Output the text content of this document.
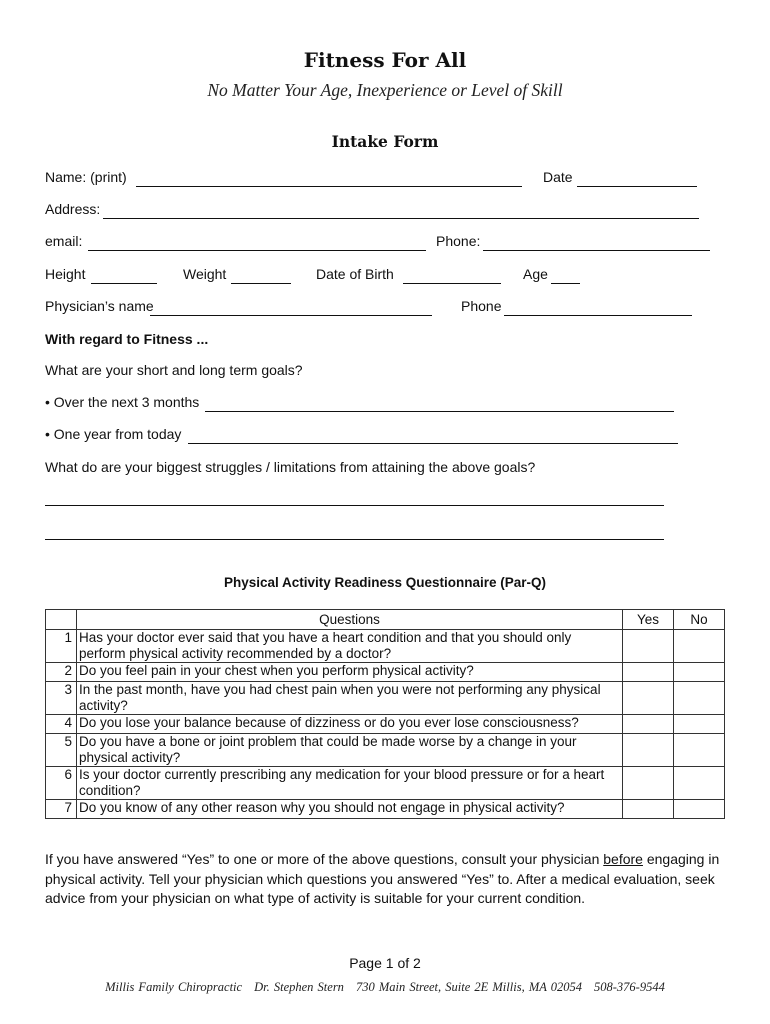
Fitness For All
No Matter Your Age, Inexperience or Level of Skill
Intake Form
Name: (print)	Date
Address:
email:	Phone:
Height	Weight	Date of Birth	Age
Physician’s name	Phone
With regard to Fitness ...
What are your short and long term goals?
• Over the next 3 months
• One year from today
What do are your biggest struggles / limitations from attaining the above goals?
Physical Activity Readiness Questionnaire (Par-Q)
	Questions	Yes	No
1	Has your doctor ever said that you have a heart condition and that you should only perform physical activity recommended by a doctor?		
2	Do you feel pain in your chest when you perform physical activity?		
3	In the past month, have you had chest pain when you were not performing any physical activity?		
4	Do you lose your balance because of dizziness or do you ever lose consciousness?		
5	Do you have a bone or joint problem that could be made worse by a change in your physical activity?		
6	Is your doctor currently prescribing any medication for your blood pressure or for a heart condition?		
7	Do you know of any other reason why you should not engage in physical activity?		
If you have answered “Yes” to one or more of the above questions, consult your physician before engaging in physical activity. Tell your physician which questions you answered “Yes” to. After a medical evaluation, seek advice from your physician on what type of activity is suitable for your current condition.
Page 1 of 2
Millis Family Chiropractic Dr. Stephen Stern 730 Main Street, Suite 2E Millis, MA 02054 508-376-9544
